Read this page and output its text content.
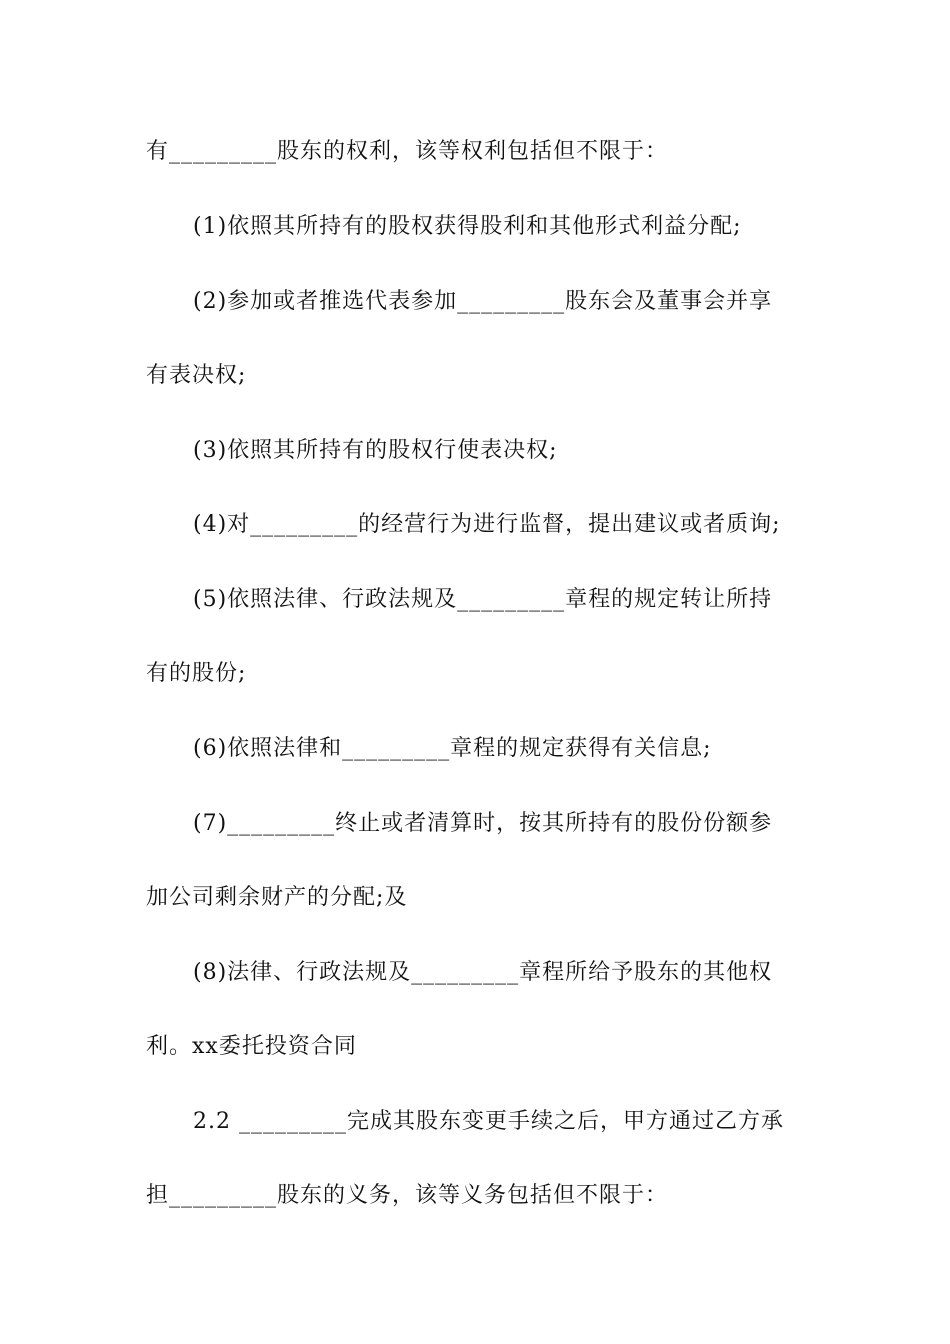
有_________股东的权利，该等权利包括但不限于：
(1)依照其所持有的股权获得股利和其他形式利益分配;
(2)参加或者推选代表参加_________股东会及董事会并享
有表决权;
(3)依照其所持有的股权行使表决权;
(4)对_________的经营行为进行监督，提出建议或者质询;
(5)依照法律、行政法规及_________章程的规定转让所持
有的股份;
(6)依照法律和_________章程的规定获得有关信息;
(7)_________终止或者清算时，按其所持有的股份份额参
加公司剩余财产的分配;及
(8)法律、行政法规及_________章程所给予股东的其他权
利。xx委托投资合同
2.2 _________完成其股东变更手续之后，甲方通过乙方承
担_________股东的义务，该等义务包括但不限于：
